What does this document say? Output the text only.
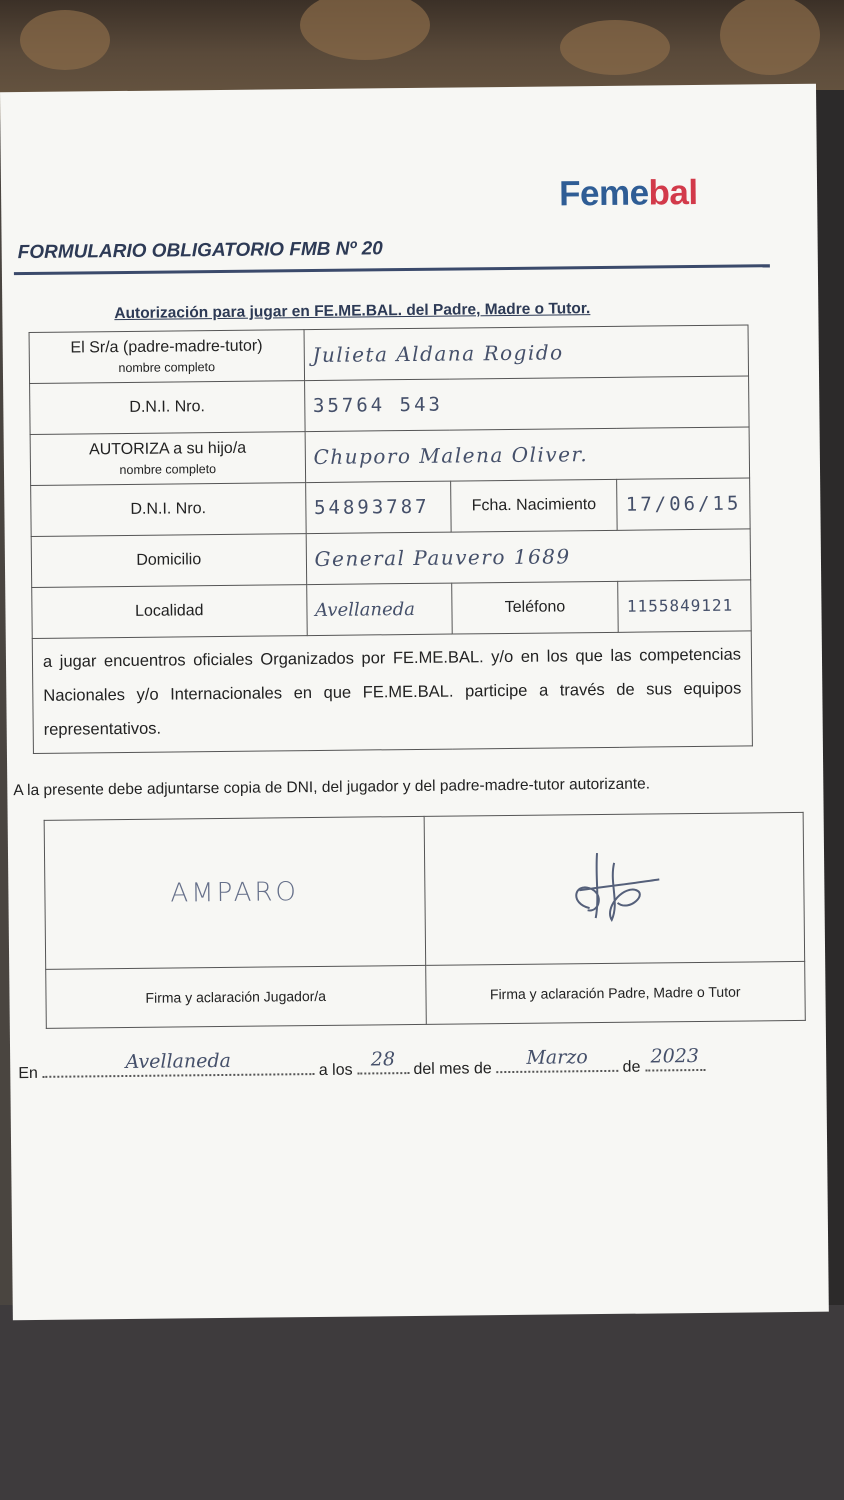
Femebal
FORMULARIO OBLIGATORIO FMB Nº 20
Autorización para jugar en FE.ME.BAL. del Padre, Madre o Tutor.
El Sr/a (padre-madre-tutor)
nombre completo	Julieta Aldana Rogido		

D.N.I. Nro.	35764 543		

AUTORIZA a su hijo/a
nombre completo	Chuporo Malena Oliver.		

D.N.I. Nro.	54893787	Fcha. Nacimiento	17/06/15

Domicilio	General Pauvero 1689		

Localidad	Avellaneda	Teléfono	1155849121
a jugar encuentros oficiales Organizados por FE.ME.BAL. y/o en los que las competencias Nacionales y/o Internacionales en que FE.ME.BAL. participe a través de sus equipos representativos.			
A la presente debe adjuntarse copia de DNI, del jugador y del padre-madre-tutor autorizante.
AMPARO	
Firma y aclaración Jugador/a	Firma y aclaración Padre, Madre o Tutor
En
Avellaneda	a los 28	del mes de
Marzo	de 2023
